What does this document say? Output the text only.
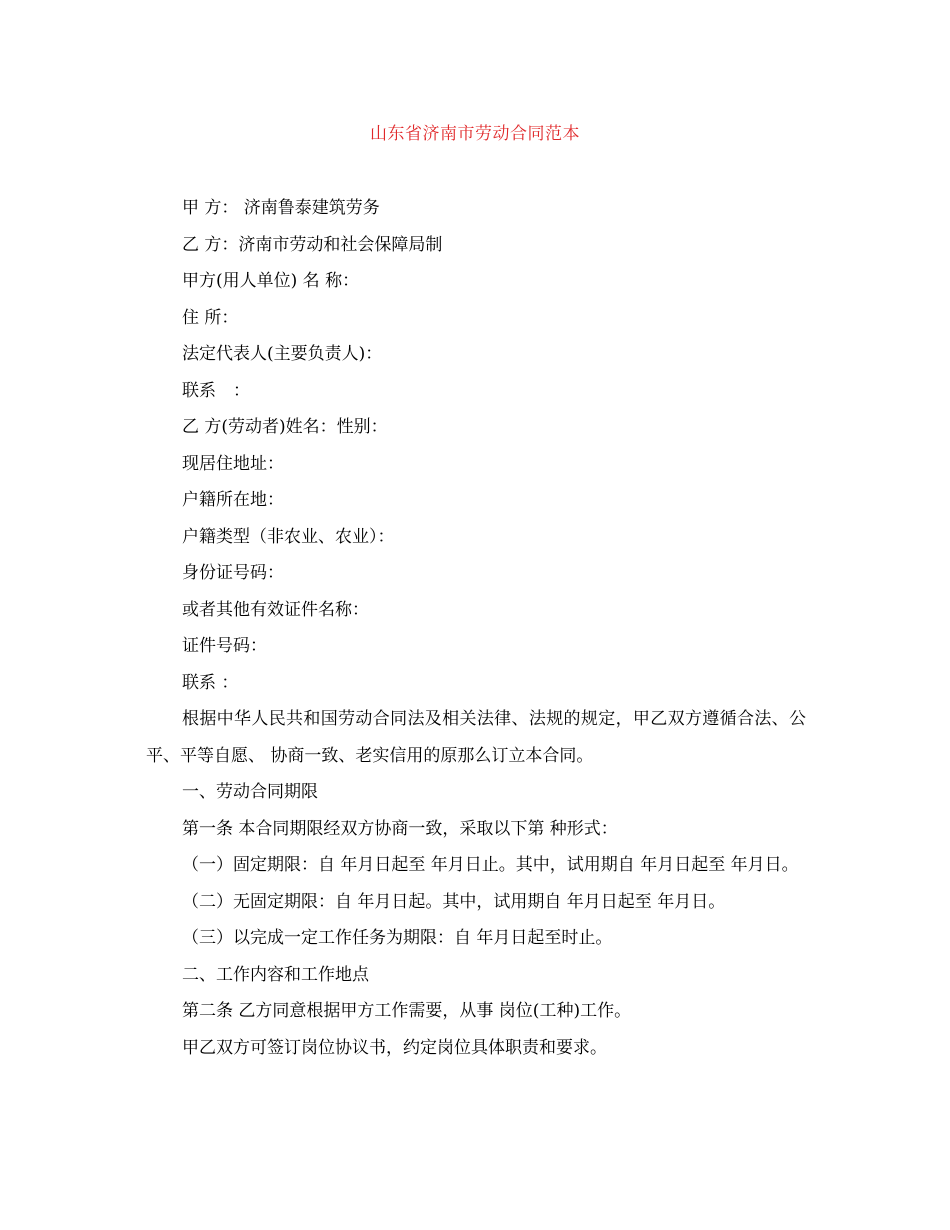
山东省济南市劳动合同范本
甲 方： 济南鲁泰建筑劳务
乙 方：济南市劳动和社会保障局制
甲方(用人单位) 名 称：
住 所：
法定代表人(主要负责人)：
联系　：
乙 方(劳动者)姓名：性别：
现居住地址：
户籍所在地：
户籍类型（非农业、农业）：
身份证号码：
或者其他有效证件名称：
证件号码：
联系 ：
根据中华人民共和国劳动合同法及相关法律、法规的规定，甲乙双方遵循合法、公平、平等自愿、 协商一致、老实信用的原那么订立本合同。
一、劳动合同期限
第一条 本合同期限经双方协商一致，采取以下第 种形式：
（一）固定期限：自 年月日起至 年月日止。其中，试用期自 年月日起至 年月日。
（二）无固定期限：自 年月日起。其中，试用期自 年月日起至 年月日。
（三）以完成一定工作任务为期限：自 年月日起至时止。
二、工作内容和工作地点
第二条 乙方同意根据甲方工作需要，从事 岗位(工种)工作。
甲乙双方可签订岗位协议书，约定岗位具体职责和要求。
